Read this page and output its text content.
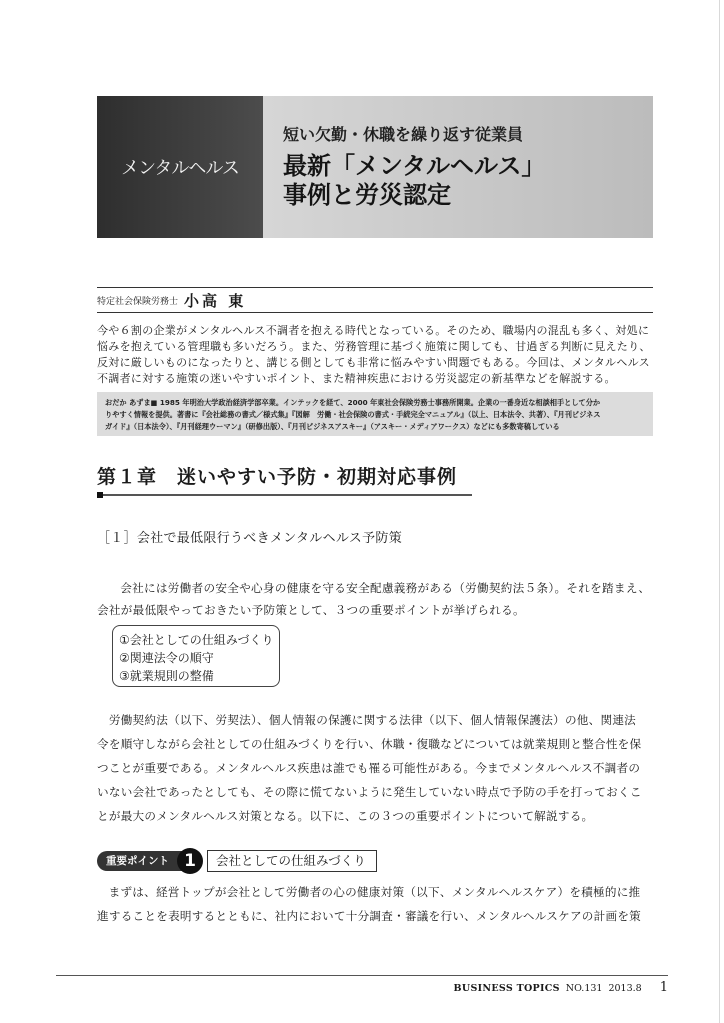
メンタルヘルス
短い欠勤・休職を繰り返す従業員
最新「メンタルヘルス」
事例と労災認定
特定社会保険労務士 小高 東

今や６割の企業がメンタルヘルス不調者を抱える時代となっている。そのため、職場内の混乱も多く、対処に

悩みを抱えている管理職も多いだろう。また、労務管理に基づく施策に関しても、甘過ぎる判断に見えたり、

反対に厳しいものになったりと、講じる側としても非常に悩みやすい問題でもある。今回は、メンタルヘルス

不調者に対する施策の迷いやすいポイント、また精神疾患における労災認定の新基準などを解説する。

おだか あずま■ 1985 年明治大学政治経済学部卒業。インテックを経て、2000 年東社会保険労務士事務所開業。企業の一番身近な相談相手として分か

りやすく情報を提供。著書に『会社総務の書式／様式集』『図解　労働・社会保険の書式・手続完全マニュアル』（以上、日本法令、共著）、『月刊ビジネス

ガイド』（日本法令）、『月刊経理ウーマン』（研修出版）、『月刊ビジネスアスキー』（アスキー・メディアワークス）などにも多数寄稿している

第１章　迷いやすい予防・初期対応事例
［１］会社で最低限行うべきメンタルヘルス予防策

会社には労働者の安全や心身の健康を守る安全配慮義務がある（労働契約法５条）。それを踏まえ、

会社が最低限やっておきたい予防策として、３つの重要ポイントが挙げられる。

①会社としての仕組みづくり
②関連法令の順守
③就業規則の整備

　労働契約法（以下、労契法）、個人情報の保護に関する法律（以下、個人情報保護法）の他、関連法

令を順守しながら会社としての仕組みづくりを行い、休職・復職などについては就業規則と整合性を保

つことが重要である。メンタルヘルス疾患は誰でも罹る可能性がある。今までメンタルヘルス不調者の

いない会社であったとしても、その際に慌てないように発生していない時点で予防の手を打っておくこ

とが最大のメンタルヘルス対策となる。以下に、この３つの重要ポイントについて解説する。

重要ポイント 1	会社としての仕組みづくり

まずは、経営トップが会社として労働者の心の健康対策（以下、メンタルヘルスケア）を積極的に推

進することを表明するとともに、社内において十分調査・審議を行い、メンタルヘルスケアの計画を策

BUSINESS TOPICS NO.131 2013.8 1
